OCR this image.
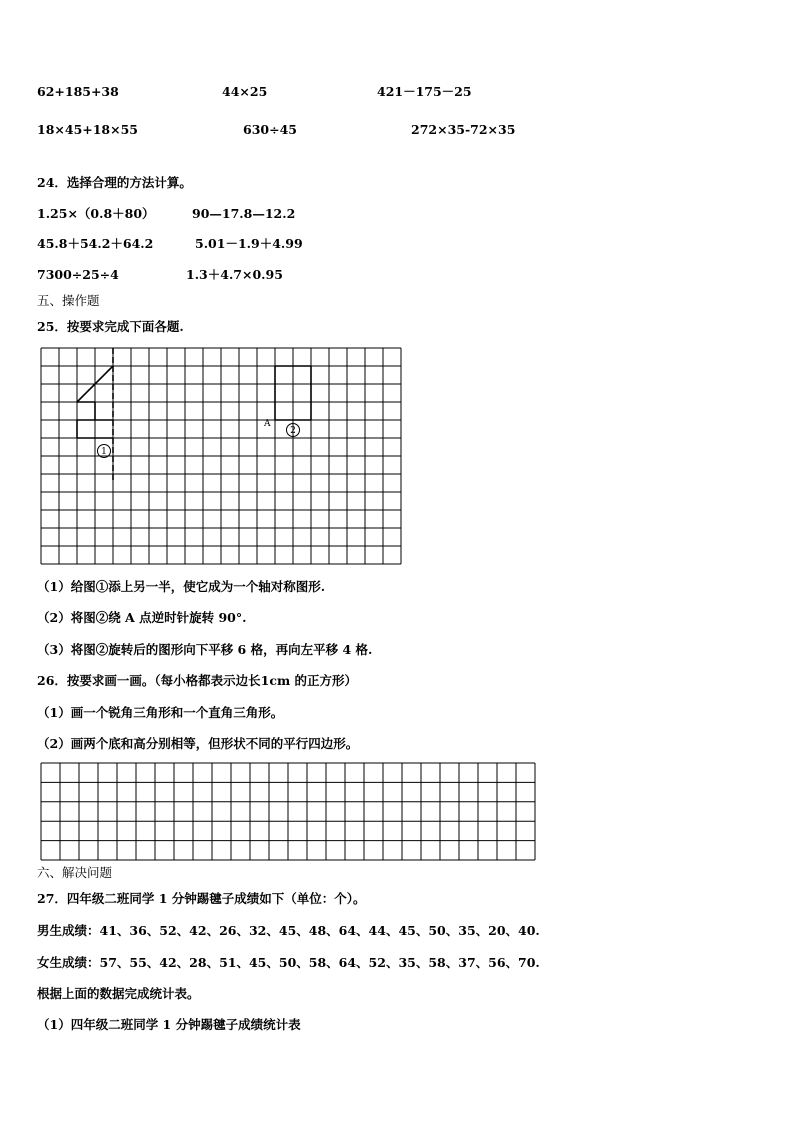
62+185+38	44×25	421－175－25
18×45+18×55	630÷45	272×35-72×35
24．选择合理的方法计算。
1.25×（0.8＋80）	90—17.8—12.2
45.8＋54.2＋64.2	5.01－1.9＋4.99
7300÷25÷4	1.3＋4.7×0.95
五、操作题
25．按要求完成下面各题.
A
1
2
（1）给图①添上另一半，使它成为一个轴对称图形.
（2）将图②绕 A 点逆时针旋转 90°.
（3）将图②旋转后的图形向下平移 6 格，再向左平移 4 格.
26．按要求画一画。（每小格都表示边长1cm 的正方形）
（1）画一个锐角三角形和一个直角三角形。
（2）画两个底和高分别相等，但形状不同的平行四边形。
六、解决问题
27．四年级二班同学 1 分钟踢毽子成绩如下（单位：个）。
男生成绩：41、36、52、42、26、32、45、48、64、44、45、50、35、20、40.
女生成绩：57、55、42、28、51、45、50、58、64、52、35、58、37、56、70.
根据上面的数据完成统计表。
（1）四年级二班同学 1 分钟踢毽子成绩统计表
